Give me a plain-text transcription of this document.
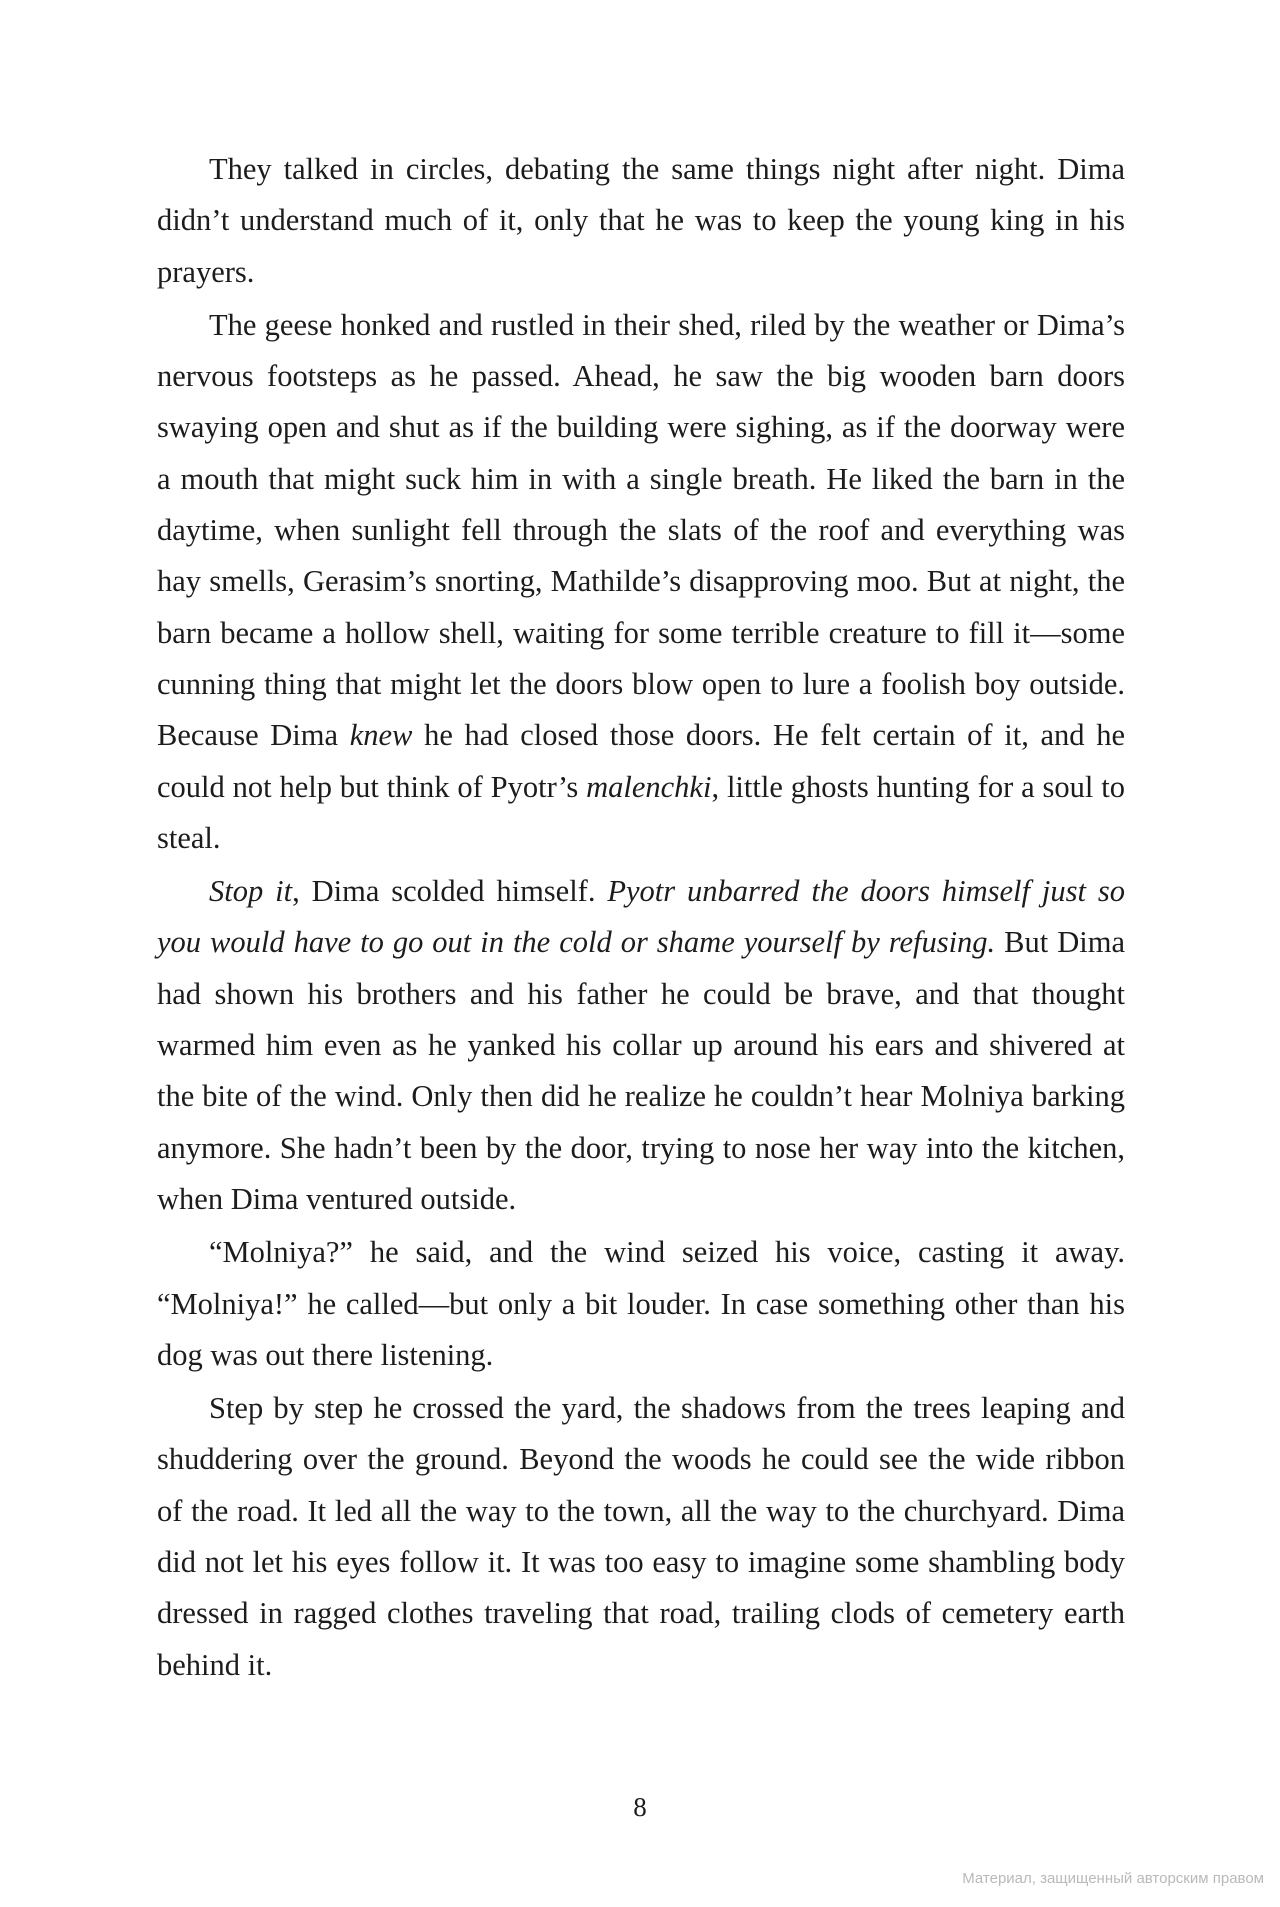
They talked in circles, debating the same things night after night. Dima didn’t understand much of it, only that he was to keep the young king in his prayers.

The geese honked and rustled in their shed, riled by the weather or Dima’s nervous footsteps as he passed. Ahead, he saw the big wooden barn doors swaying open and shut as if the building were sighing, as if the doorway were a mouth that might suck him in with a single breath. He liked the barn in the daytime, when sunlight fell through the slats of the roof and everything was hay smells, Gerasim’s snorting, Mathilde’s disapproving moo. But at night, the barn became a hollow shell, waiting for some terrible creature to fill it—some cunning thing that might let the doors blow open to lure a foolish boy outside. Because Dima knew he had closed those doors. He felt certain of it, and he could not help but think of Pyotr’s malenchki, little ghosts hunting for a soul to steal.

Stop it, Dima scolded himself. Pyotr unbarred the doors himself just so you would have to go out in the cold or shame yourself by refusing. But Dima had shown his brothers and his father he could be brave, and that thought warmed him even as he yanked his collar up around his ears and shivered at the bite of the wind. Only then did he realize he couldn’t hear Molniya barking anymore. She hadn’t been by the door, trying to nose her way into the kitchen, when Dima ventured outside.

“Molniya?” he said, and the wind seized his voice, casting it away. “Molniya!” he called—but only a bit louder. In case something other than his dog was out there listening.

Step by step he crossed the yard, the shadows from the trees leaping and shuddering over the ground. Beyond the woods he could see the wide ribbon of the road. It led all the way to the town, all the way to the churchyard. Dima did not let his eyes follow it. It was too easy to imagine some shambling body dressed in ragged clothes traveling that road, trailing clods of cemetery earth behind it.

8
Материал, защищенный авторским правом
